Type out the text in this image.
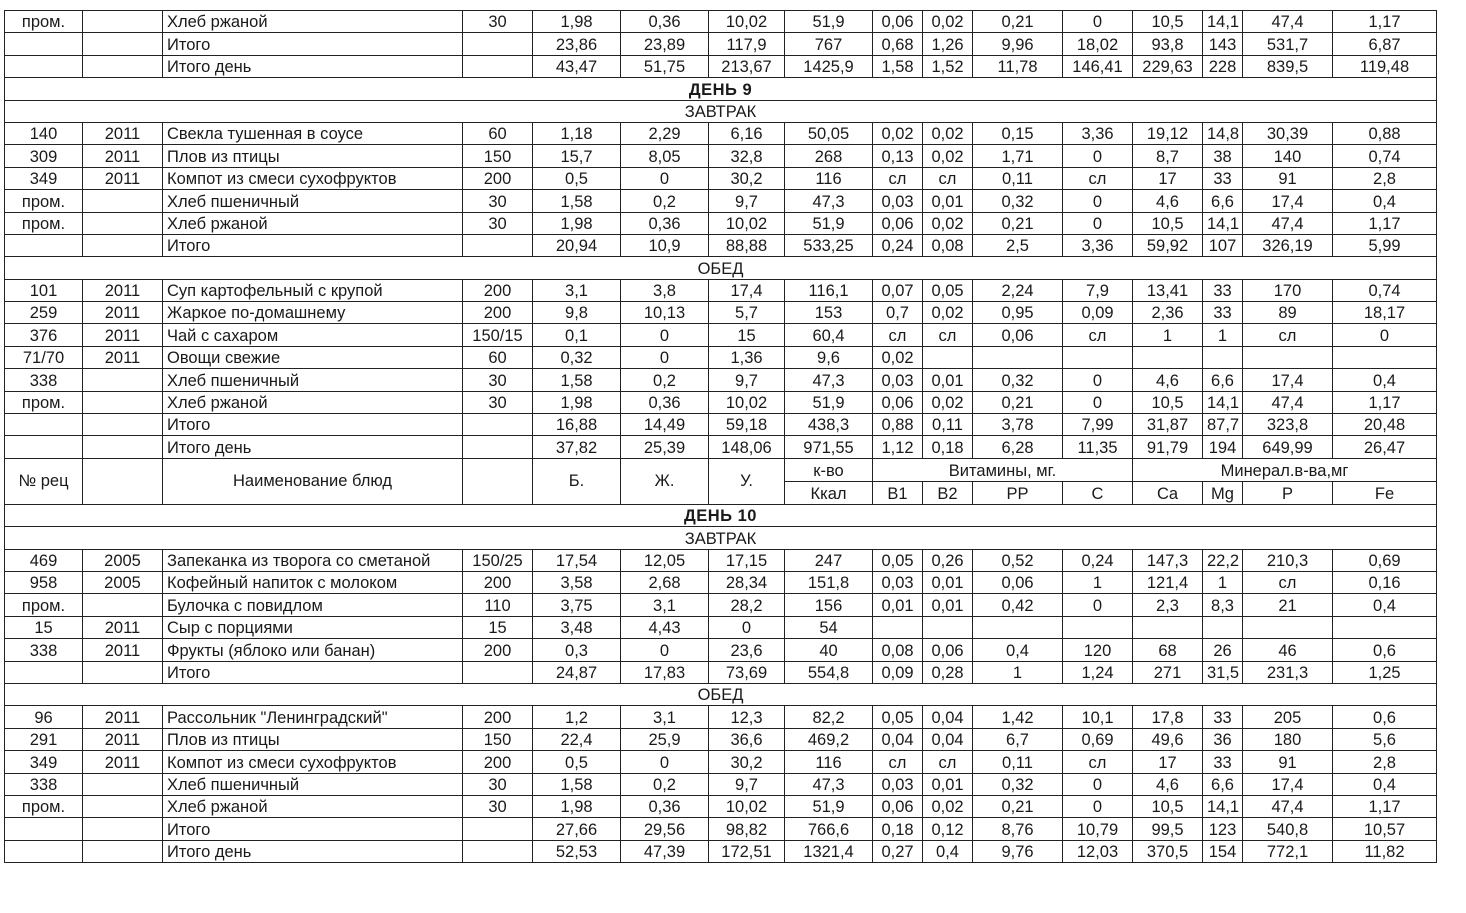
пром.		Хлеб ржаной	30	1,98	0,36	10,02	51,9	0,06	0,02	0,21	0	10,5	14,1	47,4	1,17
		Итого		23,86	23,89	117,9	767	0,68	1,26	9,96	18,02	93,8	143	531,7	6,87
		Итого день		43,47	51,75	213,67	1425,9	1,58	1,52	11,78	146,41	229,63	228	839,5	119,48
ДЕНЬ 9															
ЗАВТРАК															
140	2011	Свекла тушенная в соусе	60	1,18	2,29	6,16	50,05	0,02	0,02	0,15	3,36	19,12	14,8	30,39	0,88
309	2011	Плов из птицы	150	15,7	8,05	32,8	268	0,13	0,02	1,71	0	8,7	38	140	0,74
349	2011	Компот из смеси сухофруктов	200	0,5	0	30,2	116	сл	сл	0,11	сл	17	33	91	2,8
пром.		Хлеб пшеничный	30	1,58	0,2	9,7	47,3	0,03	0,01	0,32	0	4,6	6,6	17,4	0,4
пром.		Хлеб ржаной	30	1,98	0,36	10,02	51,9	0,06	0,02	0,21	0	10,5	14,1	47,4	1,17
		Итого		20,94	10,9	88,88	533,25	0,24	0,08	2,5	3,36	59,92	107	326,19	5,99
ОБЕД															
101	2011	Суп картофельный с крупой	200	3,1	3,8	17,4	116,1	0,07	0,05	2,24	7,9	13,41	33	170	0,74
259	2011	Жаркое по-домашнему	200	9,8	10,13	5,7	153	0,7	0,02	0,95	0,09	2,36	33	89	18,17
376	2011	Чай с сахаром	150/15	0,1	0	15	60,4	сл	сл	0,06	сл	1	1	сл	0
71/70	2011	Овощи свежие	60	0,32	0	1,36	9,6	0,02							
338		Хлеб пшеничный	30	1,58	0,2	9,7	47,3	0,03	0,01	0,32	0	4,6	6,6	17,4	0,4
пром.		Хлеб ржаной	30	1,98	0,36	10,02	51,9	0,06	0,02	0,21	0	10,5	14,1	47,4	1,17
		Итого		16,88	14,49	59,18	438,3	0,88	0,11	3,78	7,99	31,87	87,7	323,8	20,48
		Итого день		37,82	25,39	148,06	971,55	1,12	0,18	6,28	11,35	91,79	194	649,99	26,47
№ рец		Наименование блюд		Б.	Ж.	У.	к-во	Витамины, мг.				Минерал.в-ва,мг			
							Ккал	B1	B2	PP	C	Ca	Mg	P	Fe
ДЕНЬ 10															
ЗАВТРАК															
469	2005	Запеканка из творога со сметаной	150/25	17,54	12,05	17,15	247	0,05	0,26	0,52	0,24	147,3	22,2	210,3	0,69
958	2005	Кофейный напиток с молоком	200	3,58	2,68	28,34	151,8	0,03	0,01	0,06	1	121,4	1	сл	0,16
пром.		Булочка с повидлом	110	3,75	3,1	28,2	156	0,01	0,01	0,42	0	2,3	8,3	21	0,4
15	2011	Сыр с порциями	15	3,48	4,43	0	54								
338	2011	Фрукты (яблоко или банан)	200	0,3	0	23,6	40	0,08	0,06	0,4	120	68	26	46	0,6
		Итого		24,87	17,83	73,69	554,8	0,09	0,28	1	1,24	271	31,5	231,3	1,25
ОБЕД															
96	2011	Рассольник "Ленинградский"	200	1,2	3,1	12,3	82,2	0,05	0,04	1,42	10,1	17,8	33	205	0,6
291	2011	Плов из птицы	150	22,4	25,9	36,6	469,2	0,04	0,04	6,7	0,69	49,6	36	180	5,6
349	2011	Компот из смеси сухофруктов	200	0,5	0	30,2	116	сл	сл	0,11	сл	17	33	91	2,8
338		Хлеб пшеничный	30	1,58	0,2	9,7	47,3	0,03	0,01	0,32	0	4,6	6,6	17,4	0,4
пром.		Хлеб ржаной	30	1,98	0,36	10,02	51,9	0,06	0,02	0,21	0	10,5	14,1	47,4	1,17
		Итого		27,66	29,56	98,82	766,6	0,18	0,12	8,76	10,79	99,5	123	540,8	10,57
		Итого день		52,53	47,39	172,51	1321,4	0,27	0,4	9,76	12,03	370,5	154	772,1	11,82
